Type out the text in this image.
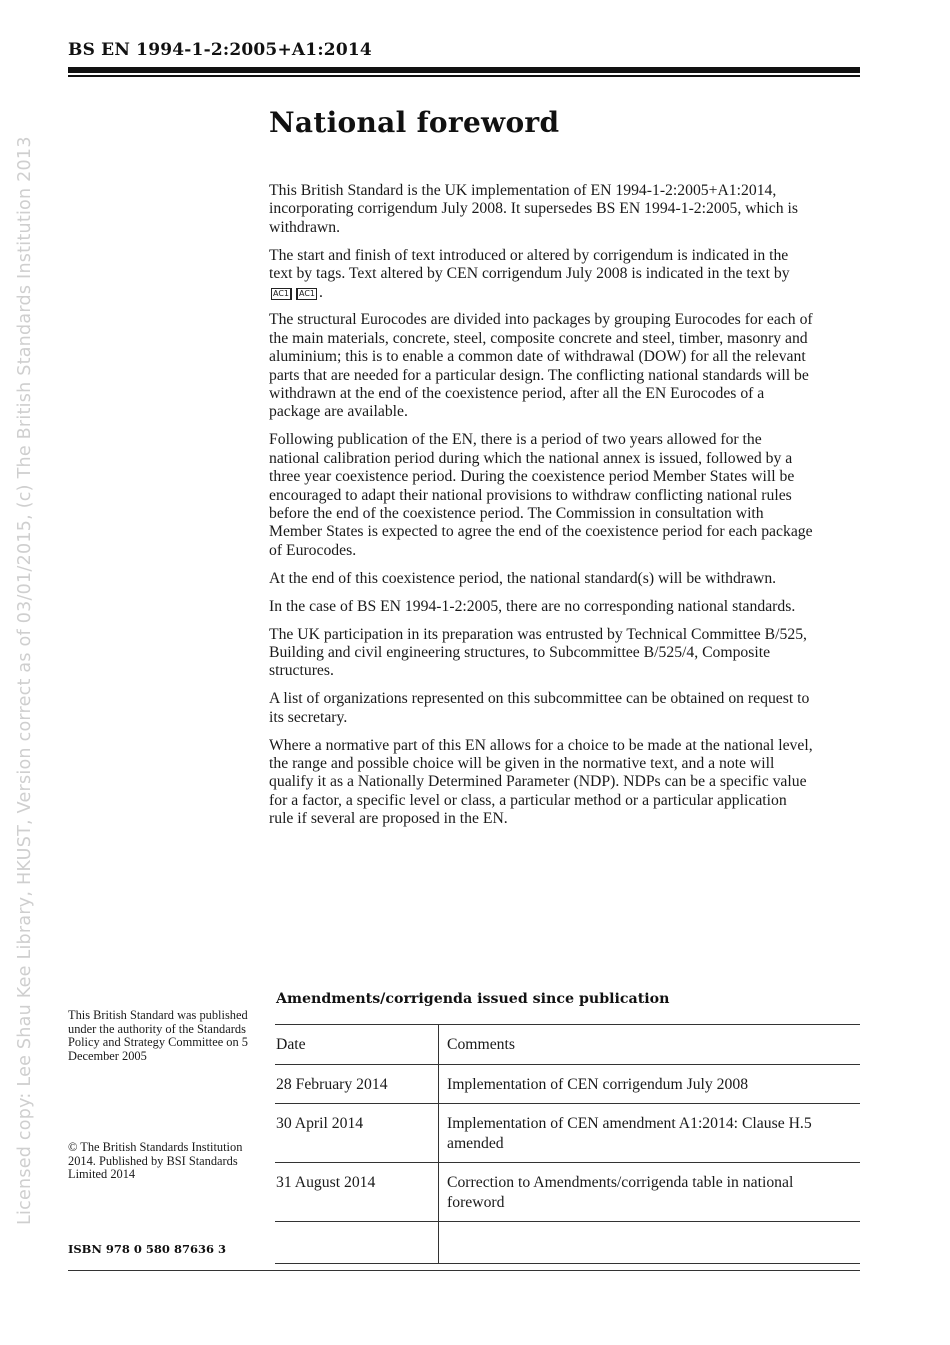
BS EN 1994-1-2:2005+A1:2014
Licensed copy: Lee Shau Kee Library, HKUST, Version correct as of 03/01/2015, (c) The British Standards Institution 2013
National foreword

This British Standard is the UK implementation of EN 1994-1-2:2005+A1:2014, incorporating corrigendum July 2008. It supersedes BS EN 1994-1-2:2005, which is withdrawn.

The start and finish of text introduced or altered by corrigendum is indicated in the text by tags. Text altered by CEN corrigendum July 2008 is indicated in the text by AC1 AC1 .

The structural Eurocodes are divided into packages by grouping Eurocodes for each of the main materials, concrete, steel, composite concrete and steel, timber, masonry and aluminium; this is to enable a common date of withdrawal (DOW) for all the relevant parts that are needed for a particular design. The conflicting national standards will be withdrawn at the end of the coexistence period, after all the EN Eurocodes of a package are available.

Following publication of the EN, there is a period of two years allowed for the national calibration period during which the national annex is issued, followed by a three year coexistence period. During the coexistence period Member States will be encouraged to adapt their national provisions to withdraw conflicting national rules before the end of the coexistence period. The Commission in consultation with Member States is expected to agree the end of the coexistence period for each package of Eurocodes.

At the end of this coexistence period, the national standard(s) will be withdrawn.

In the case of BS EN 1994-1-2:2005, there are no corresponding national standards.

The UK participation in its preparation was entrusted by Technical Committee B/525, Building and civil engineering structures, to Subcommittee B/525/4, Composite structures.

A list of organizations represented on this subcommittee can be obtained on request to its secretary.

Where a normative part of this EN allows for a choice to be made at the national level, the range and possible choice will be given in the normative text, and a note will qualify it as a Nationally Determined Parameter (NDP). NDPs can be a specific value for a factor, a specific level or class, a particular method or a particular application rule if several are proposed in the EN.

This British Standard was published under the authority of the Standards Policy and Strategy Committee on 5 December 2005
© The British Standards Institution 2014. Published by BSI Standards Limited 2014
ISBN 978 0 580 87636 3
Amendments/corrigenda issued since publication
Date	Comments
28 February 2014	Implementation of CEN corrigendum July 2008
30 April 2014	Implementation of CEN amendment A1:2014: Clause H.5 amended
31 August 2014	Correction to Amendments/corrigenda table in national foreword
